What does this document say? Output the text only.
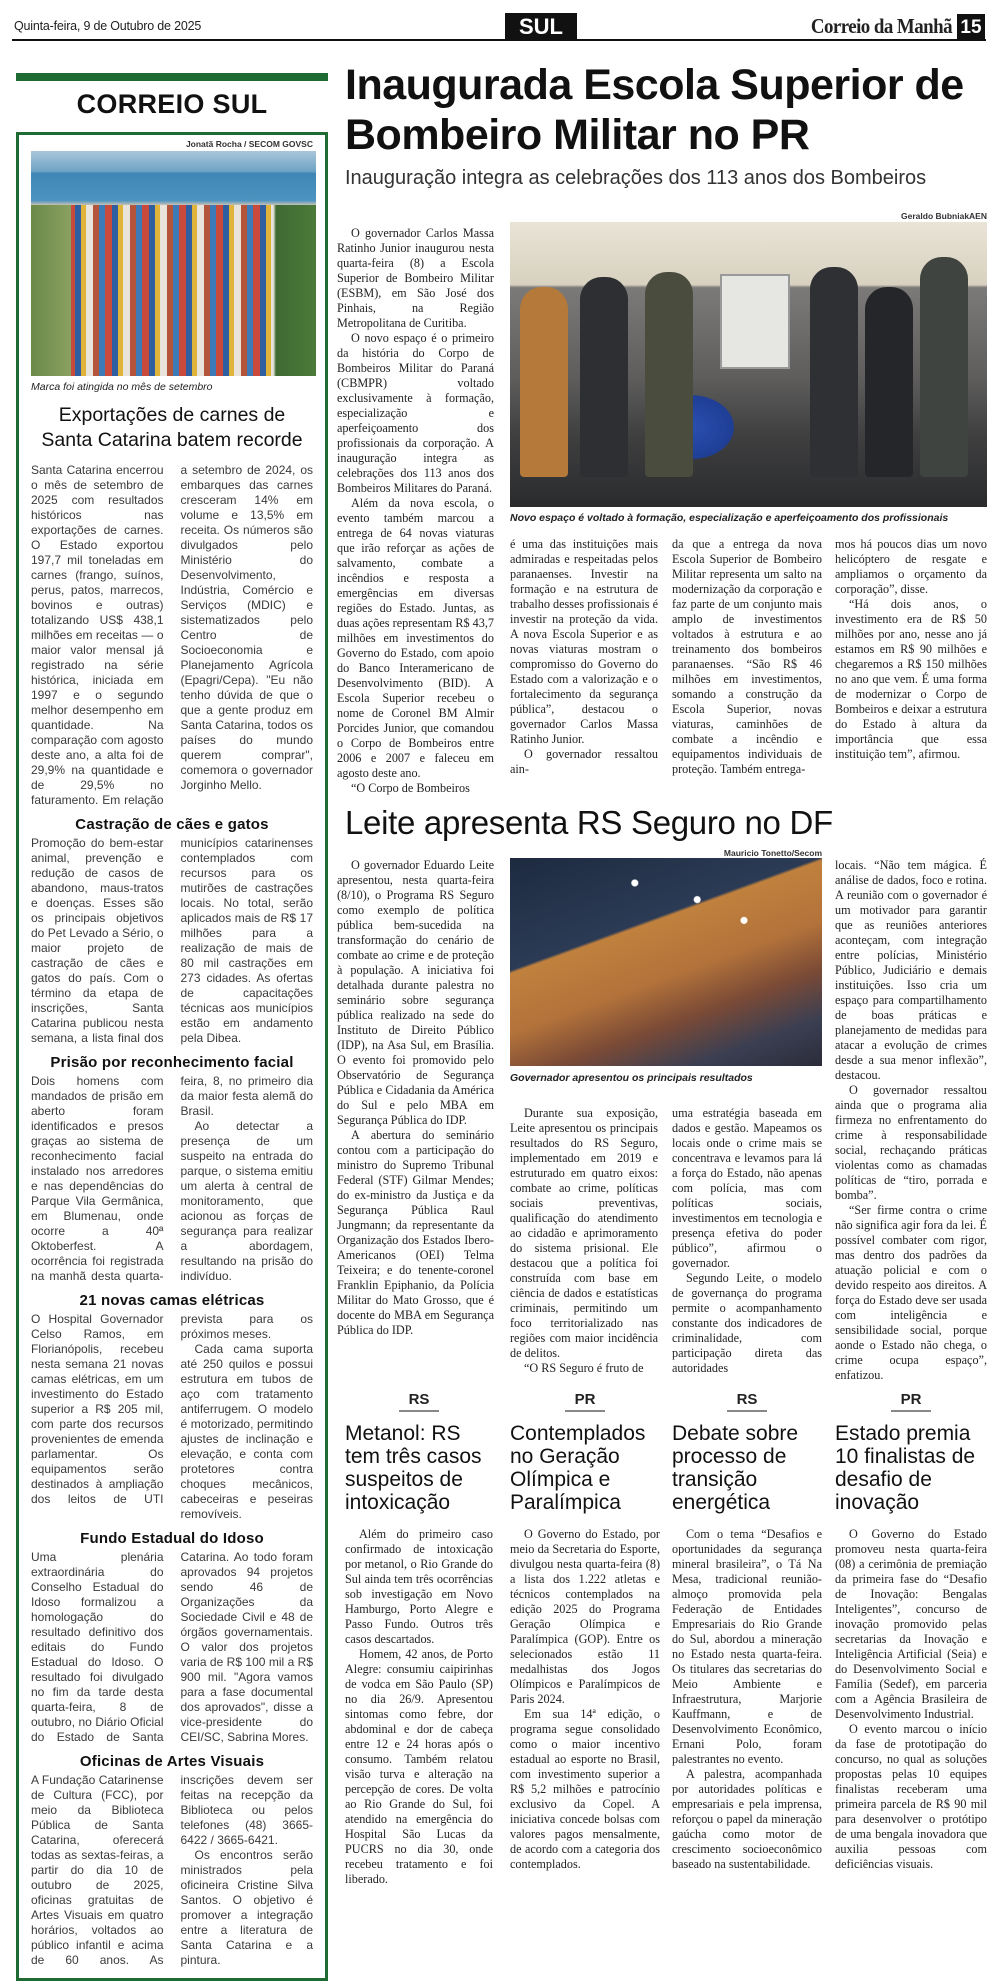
Quinta-feira, 9 de Outubro de 2025	SUL	Correio da Manhã 15
CORREIO SUL
Jonatã Rocha / SECOM GOVSC
Marca foi atingida no mês de setembro
Exportações de carnes de Santa Catarina batem recorde

Santa Catarina encerrou o mês de setembro de 2025 com resultados históricos nas exportações de carnes. O Estado exportou 197,7 mil toneladas em carnes (frango, suínos, perus, patos, marrecos, bovinos e outras) totalizando US$ 438,1 milhões em receitas — o maior valor mensal já registrado na série histórica, iniciada em 1997 e o segundo melhor desempenho em quantidade. Na comparação com agosto deste ano, a alta foi de 29,9% na quantidade e de 29,5% no faturamento. Em relação a setembro de 2024, os embarques das carnes cresceram 14% em volume e 13,5% em receita. Os números são divulgados pelo Ministério do Desenvolvimento, Indústria, Comércio e Serviços (MDIC) e sistematizados pelo Centro de Socioeconomia e Planejamento Agrícola (Epagri/Cepa). "Eu não tenho dúvida de que o que a gente produz em Santa Catarina, todos os países do mundo querem comprar", comemora o governador Jorginho Mello.

Castração de cães e gatos

Promoção do bem-estar animal, prevenção e redução de casos de abandono, maus-tratos e doenças. Esses são os principais objetivos do Pet Levado a Sério, o maior projeto de castração de cães e gatos do país. Com o término da etapa de inscrições, Santa Catarina publicou nesta semana, a lista final dos municípios catarinenses contemplados com recursos para os mutirões de castrações locais. No total, serão aplicados mais de R$ 17 milhões para a realização de mais de 80 mil castrações em 273 cidades. As ofertas de capacitações técnicas aos municípios estão em andamento pela Dibea.

Prisão por reconhecimento facial

Dois homens com mandados de prisão em aberto foram identificados e presos graças ao sistema de reconhecimento facial instalado nos arredores e nas dependências do Parque Vila Germânica, em Blumenau, onde ocorre a 40ª Oktoberfest. A ocorrência foi registrada na manhã desta quarta-feira, 8, no primeiro dia da maior festa alemã do Brasil.

Ao detectar a presença de um suspeito na entrada do parque, o sistema emitiu um alerta à central de monitoramento, que acionou as forças de segurança para realizar a abordagem, resultando na prisão do indivíduo.

21 novas camas elétricas

O Hospital Governador Celso Ramos, em Florianópolis, recebeu nesta semana 21 novas camas elétricas, em um investimento do Estado superior a R$ 205 mil, com parte dos recursos provenientes de emenda parlamentar. Os equipamentos serão destinados à ampliação dos leitos de UTI prevista para os próximos meses.

Cada cama suporta até 250 quilos e possui estrutura em tubos de aço com tratamento antiferrugem. O modelo é motorizado, permitindo ajustes de inclinação e elevação, e conta com protetores contra choques mecânicos, cabeceiras e peseiras removíveis.

Fundo Estadual do Idoso

Uma plenária extraordinária do Conselho Estadual do Idoso formalizou a homologação do resultado definitivo dos editais do Fundo Estadual do Idoso. O resultado foi divulgado no fim da tarde desta quarta-feira, 8 de outubro, no Diário Oficial do Estado de Santa Catarina. Ao todo foram aprovados 94 projetos sendo 46 de Organizações da Sociedade Civil e 48 de órgãos governamentais. O valor dos projetos varia de R$ 100 mil a R$ 900 mil. "Agora vamos para a fase documental dos aprovados", disse a vice-presidente do CEI/SC, Sabrina Mores.

Oficinas de Artes Visuais

A Fundação Catarinense de Cultura (FCC), por meio da Biblioteca Pública de Santa Catarina, oferecerá todas as sextas-feiras, a partir do dia 10 de outubro de 2025, oficinas gratuitas de Artes Visuais em quatro horários, voltados ao público infantil e acima de 60 anos. As inscrições devem ser feitas na recepção da Biblioteca ou pelos telefones (48) 3665-6422 / 3665-6421.

Os encontros serão ministrados pela oficineira Cristine Silva Santos. O objetivo é promover a integração entre a literatura de Santa Catarina e a pintura.

Inaugurada Escola Superior de Bombeiro Militar no PR
Inauguração integra as celebrações dos 113 anos dos Bombeiros
Geraldo BubniakAEN
Novo espaço é voltado à formação, especialização e aperfeiçoamento dos profissionais

O governador Carlos Massa Ratinho Junior inaugurou nesta quarta-feira (8) a Escola Superior de Bombeiro Militar (ESBM), em São José dos Pinhais, na Região Metropolitana de Curitiba.

O novo espaço é o primeiro da história do Corpo de Bombeiros Militar do Paraná (CBMPR) voltado exclusivamente à formação, especialização e aperfeiçoamento dos profissionais da corporação. A inauguração integra as celebrações dos 113 anos dos Bombeiros Militares do Paraná.

Além da nova escola, o evento também marcou a entrega de 64 novas viaturas que irão reforçar as ações de salvamento, combate a incêndios e resposta a emergências em diversas regiões do Estado. Juntas, as duas ações representam R$ 43,7 milhões em investimentos do Governo do Estado, com apoio do Banco Interamericano de Desenvolvimento (BID). A Escola Superior recebeu o nome de Coronel BM Almir Porcides Junior, que comandou o Corpo de Bombeiros entre 2006 e 2007 e faleceu em agosto deste ano.

“O Corpo de Bombeiros

é uma das instituições mais admiradas e respeitadas pelos paranaenses. Investir na formação e na estrutura de trabalho desses profissionais é investir na proteção da vida. A nova Escola Superior e as novas viaturas mostram o compromisso do Governo do Estado com a valorização e o fortalecimento da segurança pública”, destacou o governador Carlos Massa Ratinho Junior.

O governador ressaltou ain-

da que a entrega da nova Escola Superior de Bombeiro Militar representa um salto na modernização da corporação e faz parte de um conjunto mais amplo de investimentos voltados à estrutura e ao treinamento dos bombeiros paranaenses. “São R$ 46 milhões em investimentos, somando a construção da Escola Superior, novas viaturas, caminhões de combate a incêndio e equipamentos individuais de proteção. Também entrega-

mos há poucos dias um novo helicóptero de resgate e ampliamos o orçamento da corporação”, disse.

“Há dois anos, o investimento era de R$ 50 milhões por ano, nesse ano já estamos em R$ 90 milhões e chegaremos a R$ 150 milhões no ano que vem. É uma forma de modernizar o Corpo de Bombeiros e deixar a estrutura do Estado à altura da importância que essa instituição tem”, afirmou.

Leite apresenta RS Seguro no DF
Mauricio Tonetto/Secom
Governador apresentou os principais resultados

O governador Eduardo Leite apresentou, nesta quarta-feira (8/10), o Programa RS Seguro como exemplo de política pública bem-sucedida na transformação do cenário de combate ao crime e de proteção à população. A iniciativa foi detalhada durante palestra no seminário sobre segurança pública realizado na sede do Instituto de Direito Público (IDP), na Asa Sul, em Brasília. O evento foi promovido pelo Observatório de Segurança Pública e Cidadania da América do Sul e pelo MBA em Segurança Pública do IDP.

A abertura do seminário contou com a participação do ministro do Supremo Tribunal Federal (STF) Gilmar Mendes; do ex-ministro da Justiça e da Segurança Pública Raul Jungmann; da representante da Organização dos Estados Ibero-Americanos (OEI) Telma Teixeira; e do tenente-coronel Franklin Epiphanio, da Polícia Militar do Mato Grosso, que é docente do MBA em Segurança Pública do IDP.

Durante sua exposição, Leite apresentou os principais resultados do RS Seguro, implementado em 2019 e estruturado em quatro eixos: combate ao crime, políticas sociais preventivas, qualificação do atendimento ao cidadão e aprimoramento do sistema prisional. Ele destacou que a política foi construída com base em ciência de dados e estatísticas criminais, permitindo um foco territorializado nas regiões com maior incidência de delitos.

“O RS Seguro é fruto de

uma estratégia baseada em dados e gestão. Mapeamos os locais onde o crime mais se concentrava e levamos para lá a força do Estado, não apenas com polícia, mas com políticas sociais, investimentos em tecnologia e presença efetiva do poder público”, afirmou o governador.

Segundo Leite, o modelo de governança do programa permite o acompanhamento constante dos indicadores de criminalidade, com participação direta das autoridades

locais. “Não tem mágica. É análise de dados, foco e rotina. A reunião com o governador é um motivador para garantir que as reuniões anteriores aconteçam, com integração entre polícias, Ministério Público, Judiciário e demais instituições. Isso cria um espaço para compartilhamento de boas práticas e planejamento de medidas para atacar a evolução de crimes desde a sua menor inflexão”, destacou.

O governador ressaltou ainda que o programa alia firmeza no enfrentamento do crime à responsabilidade social, rechaçando práticas violentas como as chamadas políticas de “tiro, porrada e bomba”.

“Ser firme contra o crime não significa agir fora da lei. É possível combater com rigor, mas dentro dos padrões da atuação policial e com o devido respeito aos direitos. A força do Estado deve ser usada com inteligência e sensibilidade social, porque aonde o Estado não chega, o crime ocupa espaço”, enfatizou.

RS
Metanol: RS tem três casos suspeitos de intoxicação

Além do primeiro caso confirmado de intoxicação por metanol, o Rio Grande do Sul ainda tem três ocorrências sob investigação em Novo Hamburgo, Porto Alegre e Passo Fundo. Outros três casos descartados.

Homem, 42 anos, de Porto Alegre: consumiu caipirinhas de vodca em São Paulo (SP) no dia 26/9. Apresentou sintomas como febre, dor abdominal e dor de cabeça entre 12 e 24 horas após o consumo. Também relatou visão turva e alteração na percepção de cores. De volta ao Rio Grande do Sul, foi atendido na emergência do Hospital São Lucas da PUCRS no dia 30, onde recebeu tratamento e foi liberado.

PR
Contemplados no Geração Olímpica e Paralímpica

O Governo do Estado, por meio da Secretaria do Esporte, divulgou nesta quarta-feira (8) a lista dos 1.222 atletas e técnicos contemplados na edição 2025 do Programa Geração Olímpica e Paralímpica (GOP). Entre os selecionados estão 11 medalhistas dos Jogos Olímpicos e Paralímpicos de Paris 2024.

Em sua 14ª edição, o programa segue consolidado como o maior incentivo estadual ao esporte no Brasil, com investimento superior a R$ 5,2 milhões e patrocínio exclusivo da Copel. A iniciativa concede bolsas com valores pagos mensalmente, de acordo com a categoria dos contemplados.

RS
Debate sobre processo de transição energética

Com o tema “Desafios e oportunidades da segurança mineral brasileira”, o Tá Na Mesa, tradicional reunião-almoço promovida pela Federação de Entidades Empresariais do Rio Grande do Sul, abordou a mineração no Estado nesta quarta-feira. Os titulares das secretarias do Meio Ambiente e Infraestrutura, Marjorie Kauffmann, e de Desenvolvimento Econômico, Ernani Polo, foram palestrantes no evento.

A palestra, acompanhada por autoridades políticas e empresariais e pela imprensa, reforçou o papel da mineração gaúcha como motor de crescimento socioeconômico baseado na sustentabilidade.

PR
Estado premia 10 finalistas de desafio de inovação

O Governo do Estado promoveu nesta quarta-feira (08) a cerimônia de premiação da primeira fase do “Desafio de Inovação: Bengalas Inteligentes”, concurso de inovação promovido pelas secretarias da Inovação e Inteligência Artificial (Seia) e do Desenvolvimento Social e Família (Sedef), em parceria com a Agência Brasileira de Desenvolvimento Industrial.

O evento marcou o início da fase de prototipação do concurso, no qual as soluções propostas pelas 10 equipes finalistas receberam uma primeira parcela de R$ 90 mil para desenvolver o protótipo de uma bengala inovadora que auxilia pessoas com deficiências visuais.
